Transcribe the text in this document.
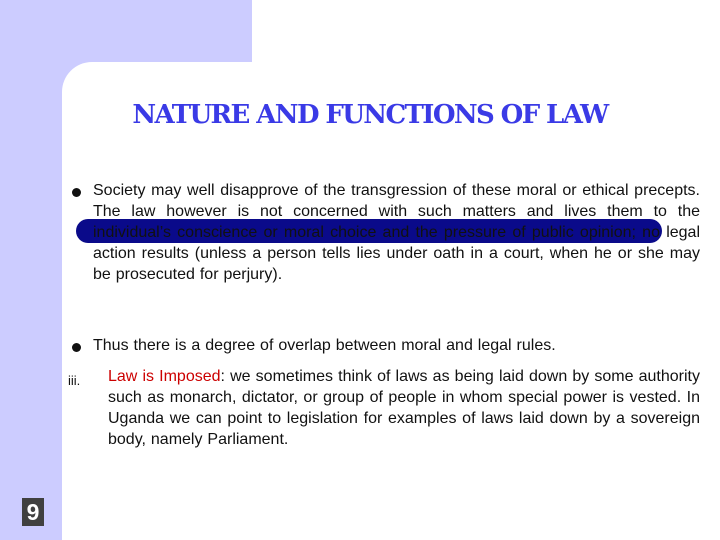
NATURE AND FUNCTIONS OF LAW

Society may well disapprove of the transgression of these moral or ethical precepts. The law however is not concerned with such matters and lives them to the individual’s conscience or moral choice and the pressure of public opinion; no legal action results (unless a person tells lies under oath in a court, when he or she may be prosecuted for perjury).

Thus there is a degree of overlap between moral and legal rules.

iii. Law is Imposed: we sometimes think of laws as being laid down by some authority such as monarch, dictator, or group of people in whom special power is vested. In Uganda we can point to legislation for examples of laws laid down by a sovereign body, namely Parliament.

9
